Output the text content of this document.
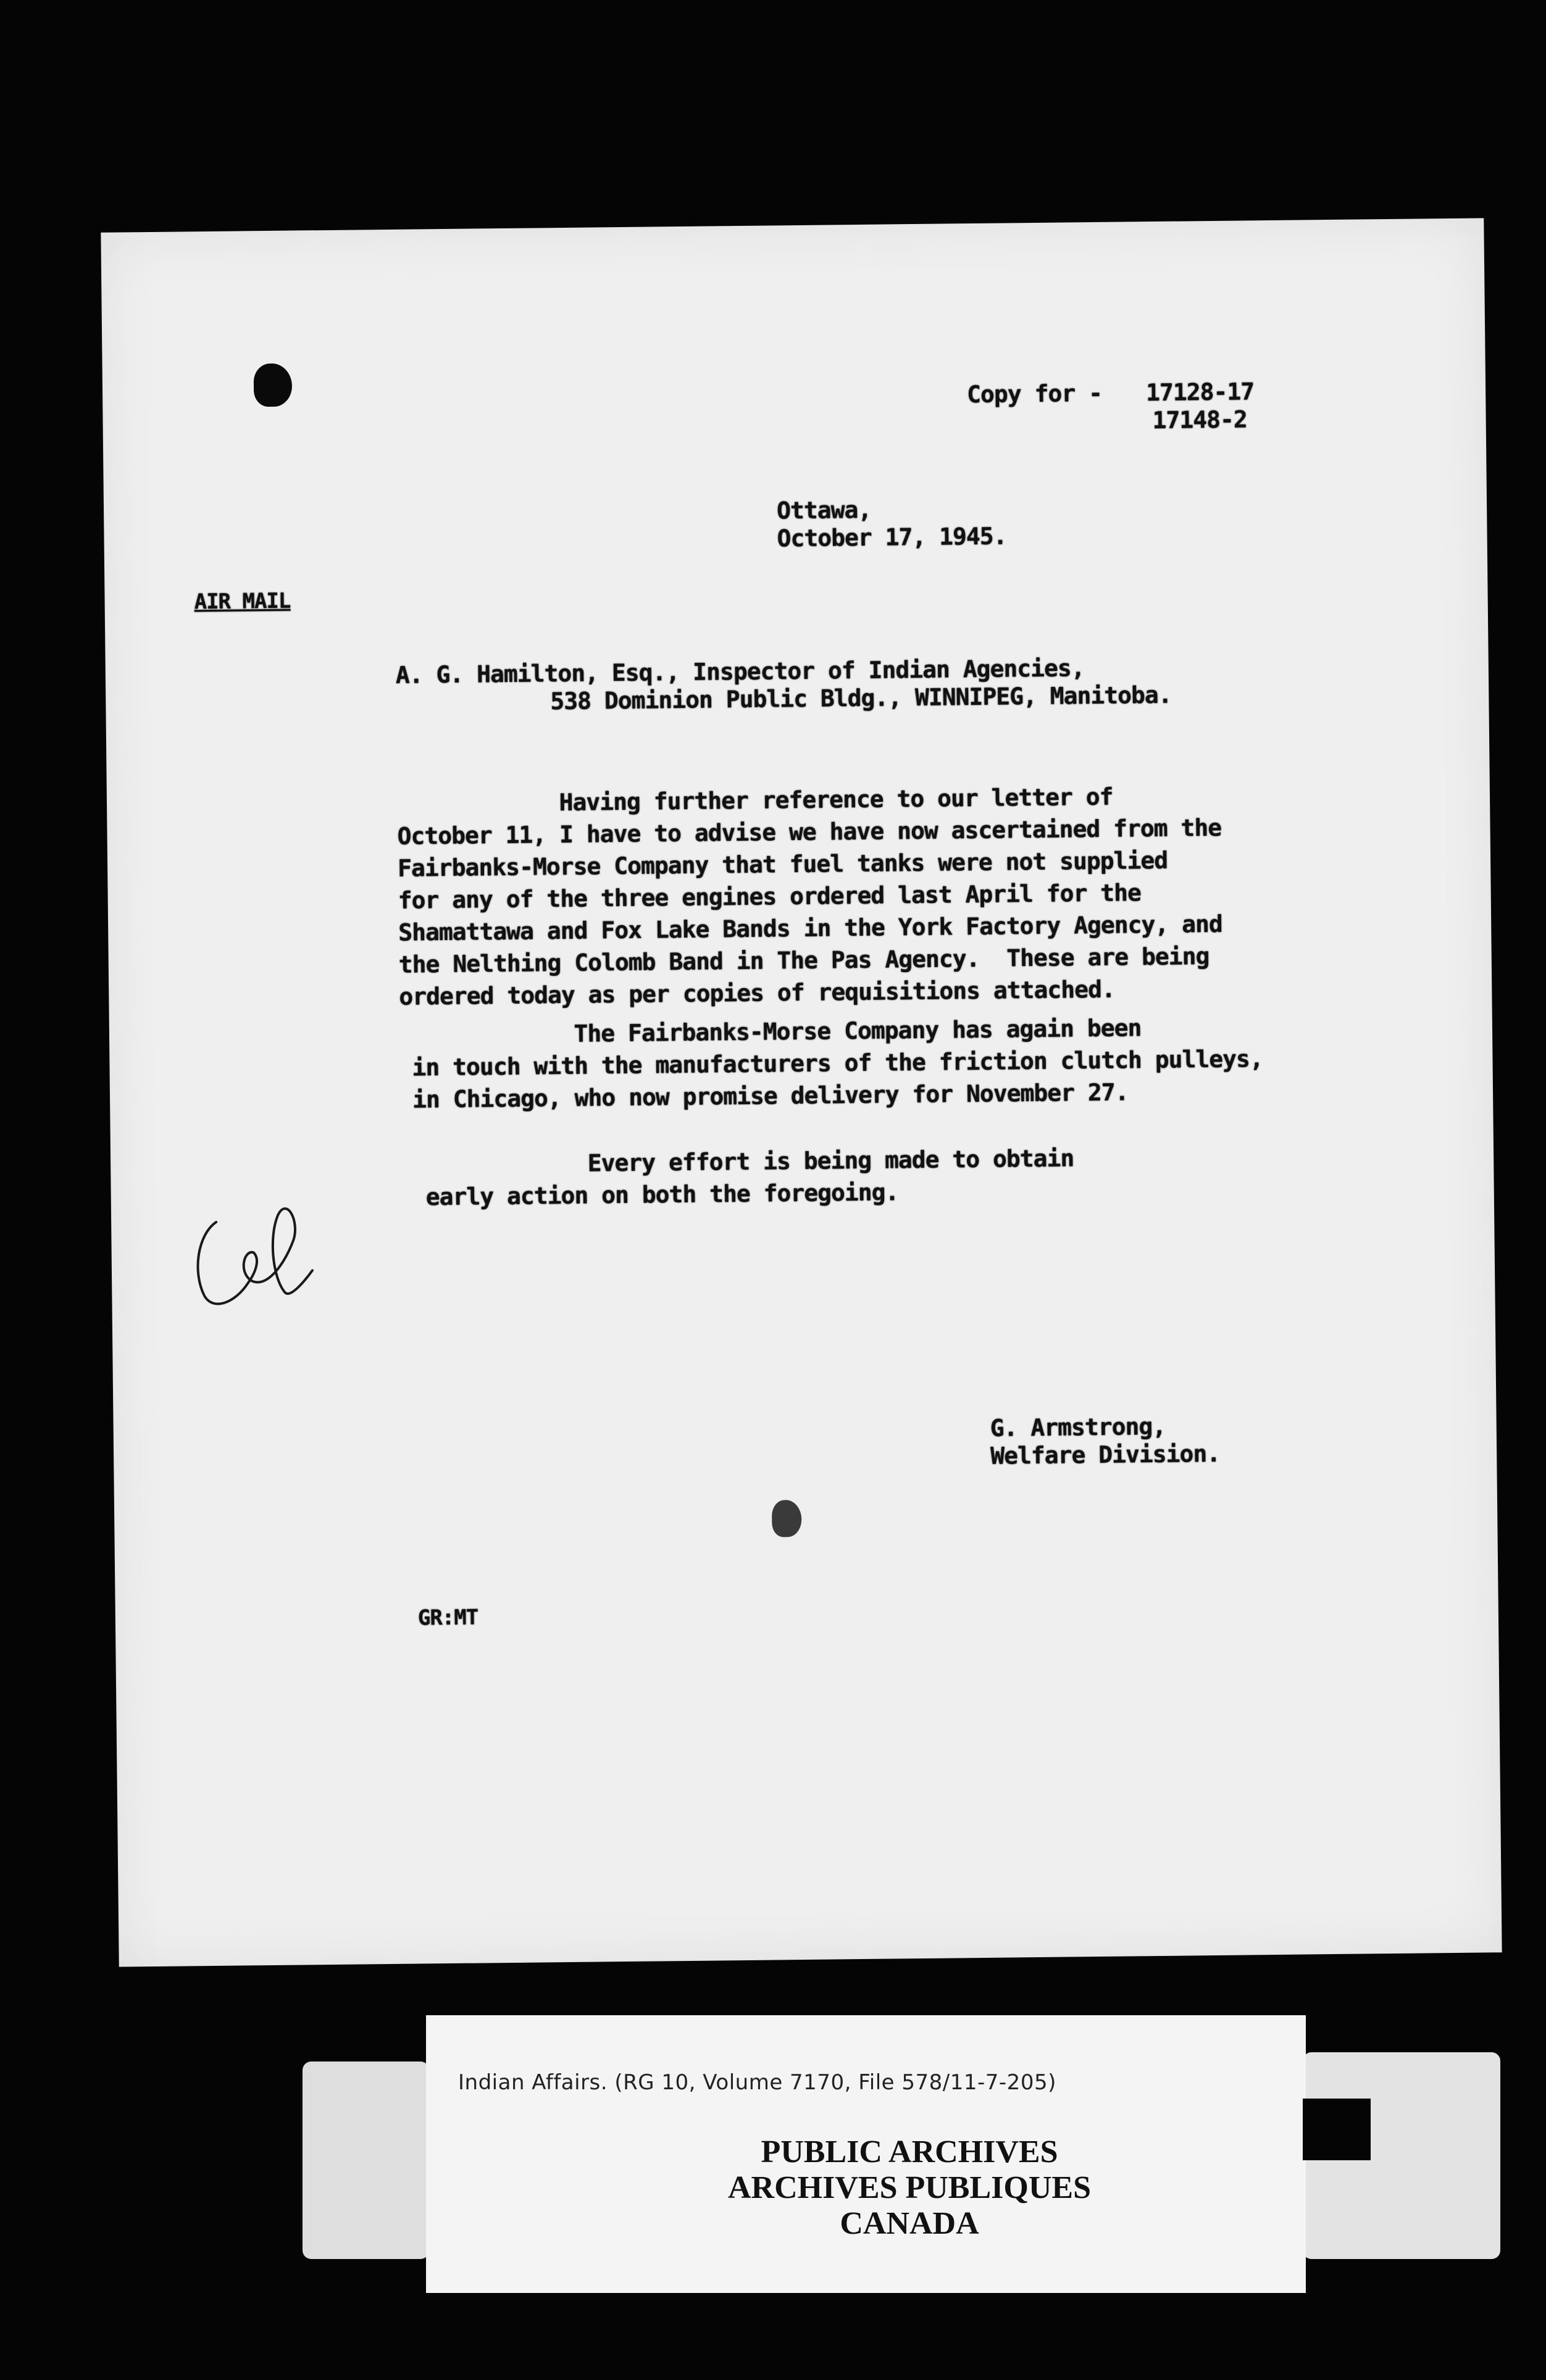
Copy for - 17128-17
17148-2
Ottawa,
October 17, 1945.
AIR MAIL
A. G. Hamilton, Esq., Inspector of Indian Agencies,
538 Dominion Public Bldg., WINNIPEG, Manitoba.
Having further reference to our letter of
October 11, I have to advise we have now ascertained from the
Fairbanks-Morse Company that fuel tanks were not supplied
for any of the three engines ordered last April for the
Shamattawa and Fox Lake Bands in the York Factory Agency, and
the Nelthing Colomb Band in The Pas Agency.  These are being
ordered today as per copies of requisitions attached.
The Fairbanks-Morse Company has again been
in touch with the manufacturers of the friction clutch pulleys,
in Chicago, who now promise delivery for November 27.
Every effort is being made to obtain
early action on both the foregoing.
G. Armstrong,
Welfare Division.
GR:MT
Indian Affairs. (RG 10, Volume 7170, File 578/11-7-205)
PUBLIC ARCHIVES
ARCHIVES PUBLIQUES
CANADA
